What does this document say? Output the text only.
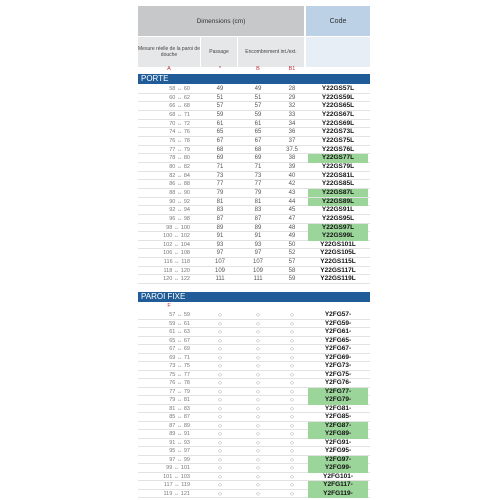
Dimensions (cm)	Code
Mesure réelle de la paroi de douche	Passage	Encombrement int./ext.
A	*	B	B1
PORTE
58 ↔ 60	49	49	28	Y22GS57L
60 ↔ 62	51	51	29	Y22GS59L
66 ↔ 68	57	57	32	Y22GS65L
68 ↔ 71	59	59	33	Y22GS67L
70 ↔ 72	61	61	34	Y22GS69L
74 ↔ 76	65	65	36	Y22GS73L
76 ↔ 78	67	67	37	Y22GS75L
77 ↔ 79	68	68	37.5	Y22GS76L
78 ↔ 80	69	69	38	Y22GS77L
80 ↔ 82	71	71	39	Y22GS79L
82 ↔ 84	73	73	40	Y22GS81L
86 ↔ 88	77	77	42	Y22GS85L
88 ↔ 90	79	79	43	Y22GS87L
90 ↔ 92	81	81	44	Y22GS89L
92 ↔ 94	83	83	45	Y22GS91L
96 ↔ 98	87	87	47	Y22GS95L
98 ↔ 100	89	89	48	Y22GS97L
100 ↔ 102	91	91	49	Y22GS99L
102 ↔ 104	93	93	50	Y22GS101L
106 ↔ 108	97	97	52	Y22GS105L
116 ↔ 118	107	107	57	Y22GS115L
118 ↔ 120	109	109	58	Y22GS117L
120 ↔ 122	111	111	59	Y22GS119L
PAROI FIXE
F
57 ↔ 59	◇	◇	◇	Y2FG57-
59 ↔ 61	◇	◇	◇	Y2FG59-
61 ↔ 63	◇	◇	◇	Y2FG61-
65 ↔ 67	◇	◇	◇	Y2FG65-
67 ↔ 69	◇	◇	◇	Y2FG67-
69 ↔ 71	◇	◇	◇	Y2FG69-
73 ↔ 75	◇	◇	◇	Y2FG73-
75 ↔ 77	◇	◇	◇	Y2FG75-
76 ↔ 78	◇	◇	◇	Y2FG76-
77 ↔ 79	◇	◇	◇	Y2FG77-
79 ↔ 81	◇	◇	◇	Y2FG79-
81 ↔ 83	◇	◇	◇	Y2FG81-
85 ↔ 87	◇	◇	◇	Y2FG85-
87 ↔ 89	◇	◇	◇	Y2FG87-
89 ↔ 91	◇	◇	◇	Y2FG89-
91 ↔ 93	◇	◇	◇	Y2FG91-
95 ↔ 97	◇	◇	◇	Y2FG95-
97 ↔ 99	◇	◇	◇	Y2FG97-
99 ↔ 101	◇	◇	◇	Y2FG99-
101 ↔ 103	◇	◇	◇	Y2FG101-
117 ↔ 119	◇	◇	◇	Y2FG117-
119 ↔ 121	◇	◇	◇	Y2FG119-
